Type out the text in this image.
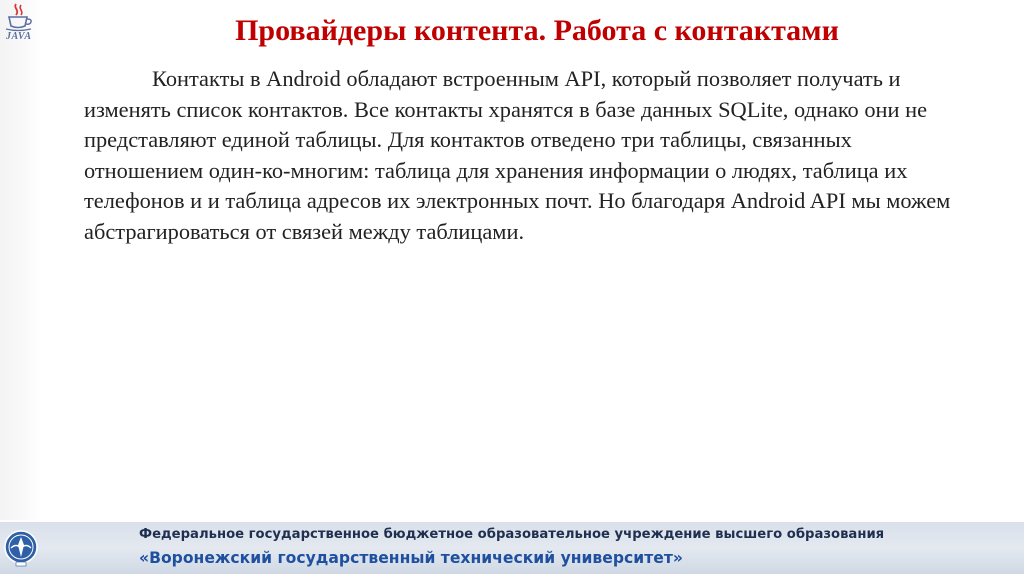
JAVA	Провайдеры контента. Работа с контактами
Контакты в Android обладают встроенным API, который позволяет получать и изменять список контактов. Все контакты хранятся в базе данных SQLite, однако они не представляют единой таблицы. Для контактов отведено три таблицы, связанных отношением один-ко-многим: таблица для хранения информации о людях, таблица их телефонов и и таблица адресов их электронных почт. Но благодаря Android API мы можем абстрагироваться от связей между таблицами.
Федеральное государственное бюджетное образовательное учреждение высшего образования
«Воронежский государственный технический университет»
